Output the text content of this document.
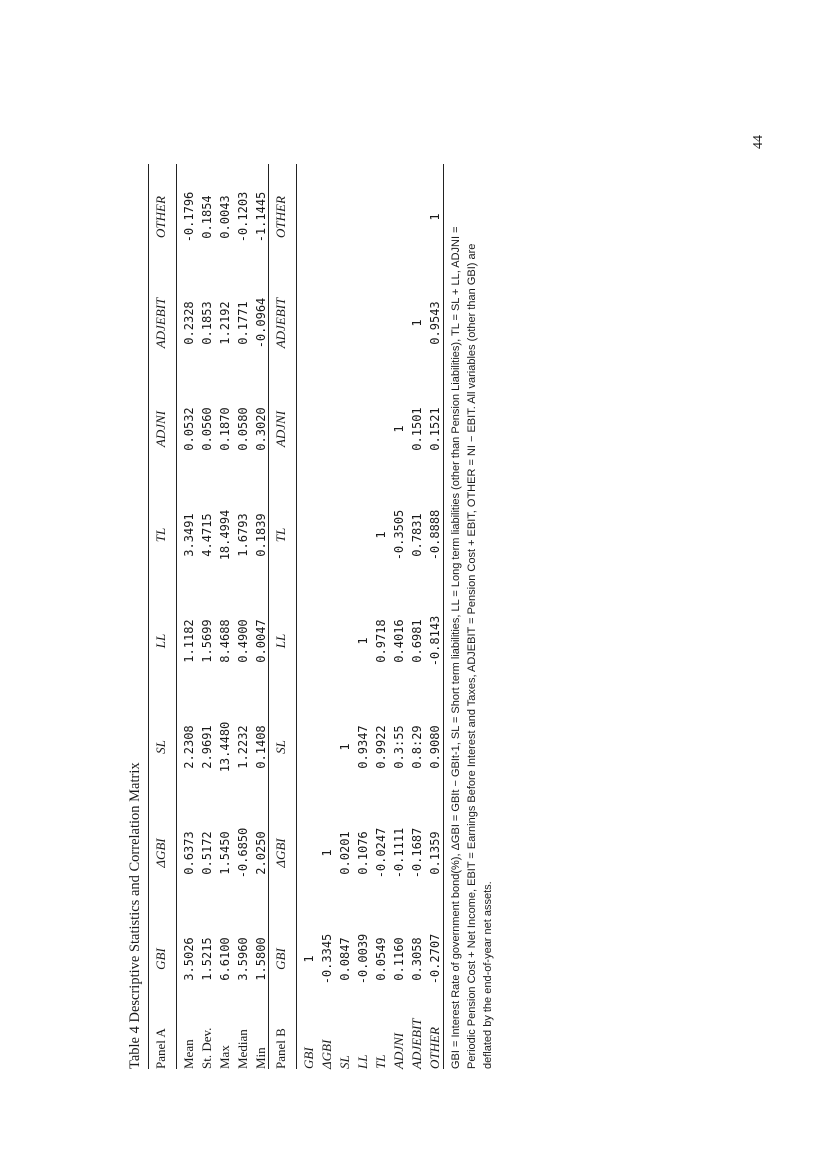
44
Table 4 Descriptive Statistics and Correlation Matrix Panel A	GBI	ΔGBI	SL	LL	TL	ADJNI	ADJEBIT	OTHER
Mean	3.5026	0.6373	2.2308	1.1182	3.3491	0.0532	0.2328	-0.1796
St. Dev.	1.5215	0.5172	2.9691	1.5699	4.4715	0.0560	0.1853	0.1854
Max	6.6100	1.5450	13.4480	8.4688	18.4994	0.1870	1.2192	0.0043
Median	3.5960	-0.6850	1.2232	0.4900	1.6793	0.0580	0.1771	-0.1203
Min	1.5800	2.0250	0.1408	0.0047	0.1839	0.3020	-0.0964	-1.1445
Panel B	GBI	ΔGBI	SL	LL	TL	ADJNI	ADJEBIT	OTHER
GBI	1							
ΔGBI	-0.3345	1						
SL	0.0847	0.0201	1					
LL	-0.0039	0.1076	0.9347	1				
TL	0.0549	-0.0247	0.9922	0.9718	1			
ADJNI	0.1160	-0.1111	0.3:55	0.4016	-0.3505	1		
ADJEBIT	0.3058	-0.1687	0.8:29	0.6981	0.7831	0.1501	1	
OTHER	-0.2707	0.1359	0.9080	-0.8143	-0.8888	0.1521	0.9543	1

GBI = Interest Rate of government bond(%), ΔGBI = GBIt − GBIt-1, SL = Short term liabilities, LL = Long term liabilities (other than Pension Liabilities), TL = SL + LL, ADJNI = Periodic Pension Cost + Net Income, EBIT = Earnings Before Interest and Taxes, ADJEBIT = Pension Cost + EBIT, OTHER = NI − EBIT. All variables (other than GBI) are deflated by the end-of-year net assets.
